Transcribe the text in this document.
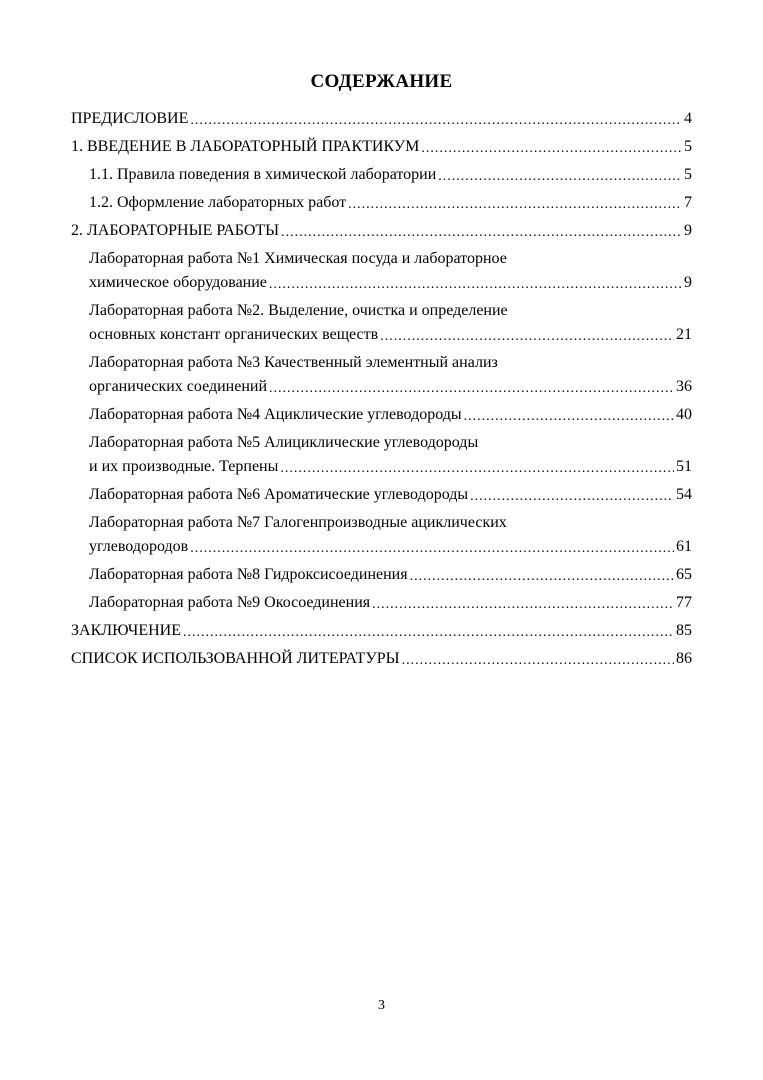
СОДЕРЖАНИЕ
ПРЕДИСЛОВИЕ .....	4
1. ВВЕДЕНИЕ В ЛАБОРАТОРНЫЙ ПРАКТИКУМ .....	5
1.1. Правила поведения в химической лаборатории .....	5
1.2. Оформление лабораторных работ .....	7
2. ЛАБОРАТОРНЫЕ РАБОТЫ .....	9
Лабораторная работа №1 Химическая посуда и лабораторное
химическое оборудование .....	9
Лабораторная работа №2. Выделение, очистка и определение
основных констант органических веществ .....	21
Лабораторная работа №3 Качественный элементный анализ
органических соединений .....	36
Лабораторная работа №4 Ациклические углеводороды .....	40
Лабораторная работа №5 Алициклические углеводороды
и их производные. Терпены .....	51
Лабораторная работа №6 Ароматические углеводороды .....	54
Лабораторная работа №7 Галогенпроизводные ациклических
углеводородов .....	61
Лабораторная работа №8 Гидроксисоединения .....	65
Лабораторная работа №9 Окосоединения .....	77
ЗАКЛЮЧЕНИЕ .....	85
СПИСОК ИСПОЛЬЗОВАННОЙ ЛИТЕРАТУРЫ .....	86
3
